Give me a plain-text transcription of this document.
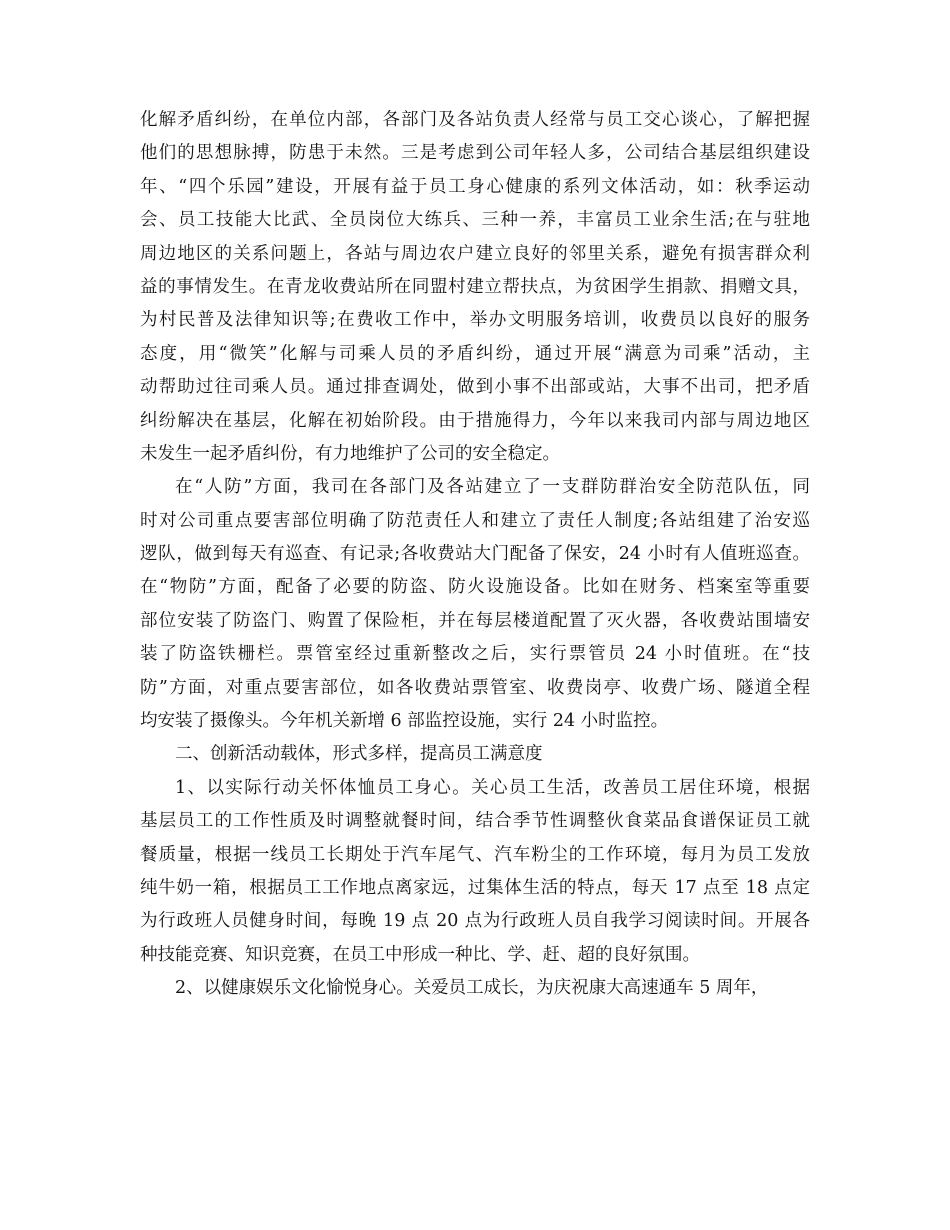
化解矛盾纠纷，在单位内部，各部门及各站负责人经常与员工交心谈心，了解把握
他们的思想脉搏，防患于未然。三是考虑到公司年轻人多，公司结合基层组织建设
年、“四个乐园”建设，开展有益于员工身心健康的系列文体活动，如：秋季运动
会、员工技能大比武、全员岗位大练兵、三种一养，丰富员工业余生活;在与驻地
周边地区的关系问题上，各站与周边农户建立良好的邻里关系，避免有损害群众利
益的事情发生。在青龙收费站所在同盟村建立帮扶点，为贫困学生捐款、捐赠文具，
为村民普及法律知识等;在费收工作中，举办文明服务培训，收费员以良好的服务
态度，用“微笑”化解与司乘人员的矛盾纠纷，通过开展“满意为司乘”活动，主
动帮助过往司乘人员。通过排查调处，做到小事不出部或站，大事不出司，把矛盾
纠纷解决在基层，化解在初始阶段。由于措施得力，今年以来我司内部与周边地区
未发生一起矛盾纠份，有力地维护了公司的安全稳定。
在“人防”方面，我司在各部门及各站建立了一支群防群治安全防范队伍，同
时对公司重点要害部位明确了防范责任人和建立了责任人制度;各站组建了治安巡
逻队，做到每天有巡查、有记录;各收费站大门配备了保安，24 小时有人值班巡查。
在“物防”方面，配备了必要的防盗、防火设施设备。比如在财务、档案室等重要
部位安装了防盗门、购置了保险柜，并在每层楼道配置了灭火器，各收费站围墙安
装了防盗铁栅栏。票管室经过重新整改之后，实行票管员 24 小时值班。在“技
防”方面，对重点要害部位，如各收费站票管室、收费岗亭、收费广场、隧道全程
均安装了摄像头。今年机关新增 6 部监控设施，实行 24 小时监控。
二、创新活动载体，形式多样，提高员工满意度
1、以实际行动关怀体恤员工身心。关心员工生活，改善员工居住环境，根据
基层员工的工作性质及时调整就餐时间，结合季节性调整伙食菜品食谱保证员工就
餐质量，根据一线员工长期处于汽车尾气、汽车粉尘的工作环境，每月为员工发放
纯牛奶一箱，根据员工工作地点离家远，过集体生活的特点，每天 17 点至 18 点定
为行政班人员健身时间，每晚 19 点 20 点为行政班人员自我学习阅读时间。开展各
种技能竞赛、知识竞赛，在员工中形成一种比、学、赶、超的良好氛围。
2、以健康娱乐文化愉悦身心。关爱员工成长，为庆祝康大高速通车 5 周年，
